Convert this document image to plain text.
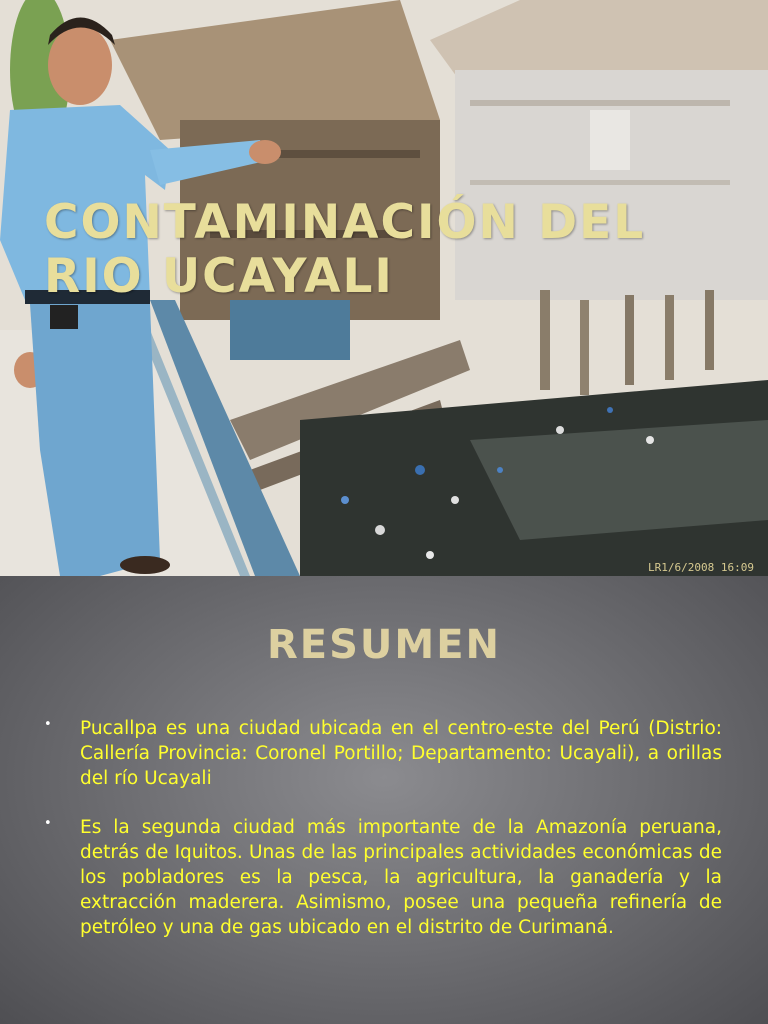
CONTAMINACIÓN DEL
RIO UCAYALI
LR1/6/2008 16:09
RESUMEN
• Pucallpa es una ciudad ubicada en el centro-este del Perú (Distrio: Callería Provincia: Coronel Portillo; Departamento: Ucayali), a orillas del río Ucayali
• Es la segunda ciudad más importante de la Amazonía peruana, detrás de Iquitos. Unas de las principales actividades económicas de los pobladores es la pesca, la agricultura, la ganadería y la extracción maderera. Asimismo, posee una pequeña refinería de petróleo y una de gas ubicado en el distrito de Curimaná.
